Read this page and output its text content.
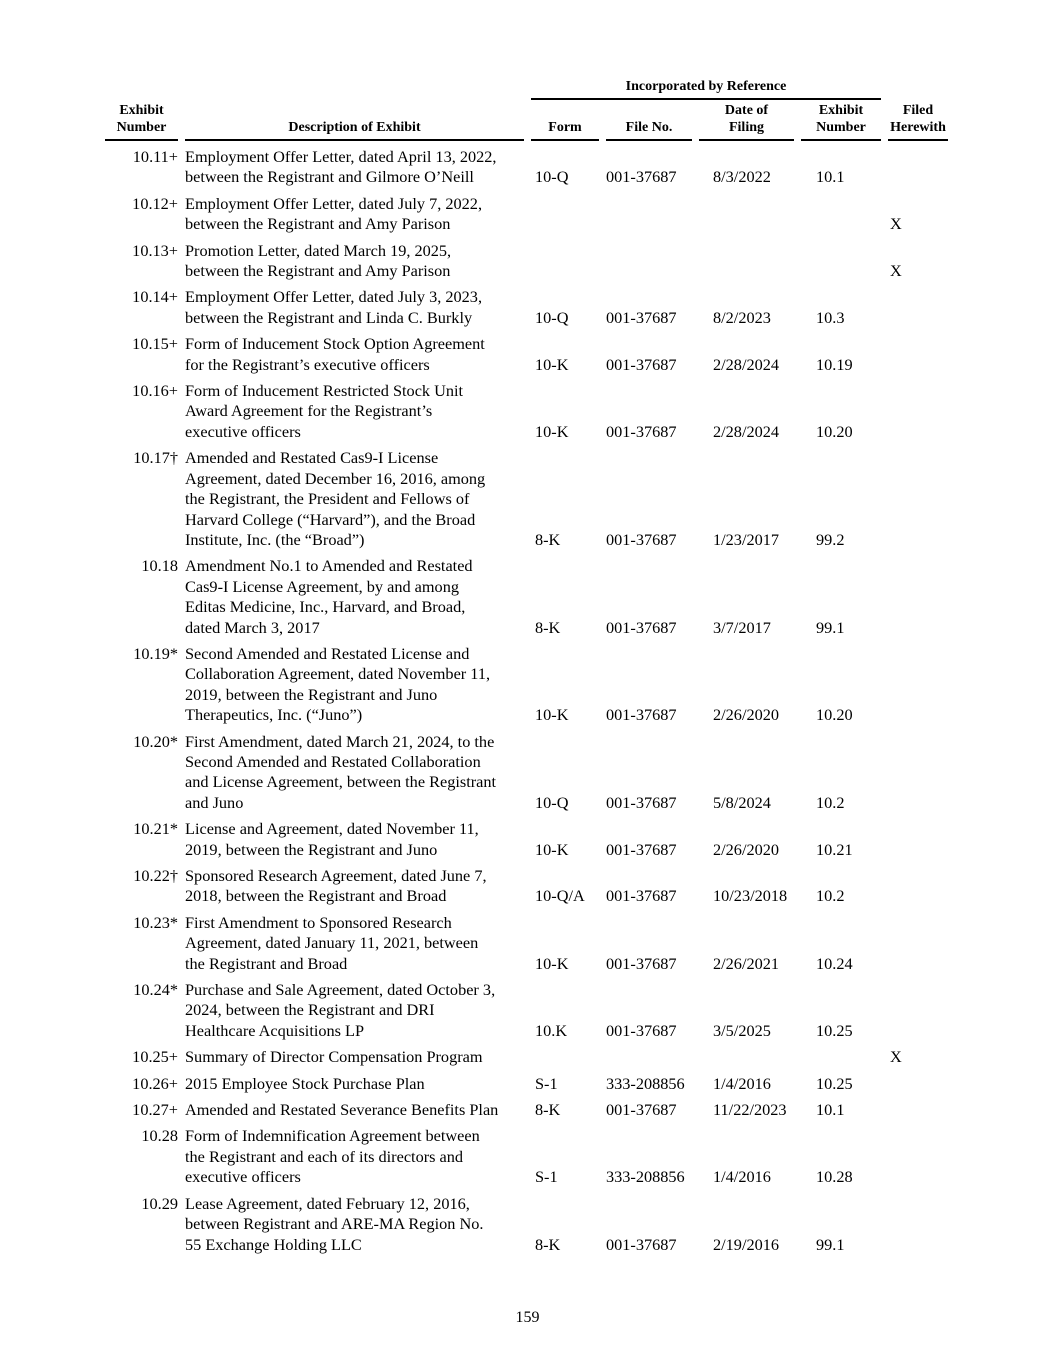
		Incorporated by Reference				
Exhibit
Number	Description of Exhibit	Form	File No.	Date of
Filing	Exhibit
Number	Filed
Herewith
10.11+	Employment Offer Letter, dated April 13, 2022,
between the Registrant and Gilmore O’Neill	10-Q	001-37687	8/3/2022	10.1	
10.12+	Employment Offer Letter, dated July 7, 2022,
between the Registrant and Amy Parison					X
10.13+	Promotion Letter, dated March 19, 2025,
between the Registrant and Amy Parison					X
10.14+	Employment Offer Letter, dated July 3, 2023,
between the Registrant and Linda C. Burkly	10-Q	001-37687	8/2/2023	10.3	
10.15+	Form of Inducement Stock Option Agreement
for the Registrant’s executive officers	10-K	001-37687	2/28/2024	10.19	
10.16+	Form of Inducement Restricted Stock Unit
Award Agreement for the Registrant’s
executive officers	10-K	001-37687	2/28/2024	10.20	
10.17†	Amended and Restated Cas9-I License
Agreement, dated December 16, 2016, among
the Registrant, the President and Fellows of
Harvard College (“Harvard”), and the Broad
Institute, Inc. (the “Broad”)	8-K	001-37687	1/23/2017	99.2	
10.18	Amendment No.1 to Amended and Restated
Cas9-I License Agreement, by and among
Editas Medicine, Inc., Harvard, and Broad,
dated March 3, 2017	8-K	001-37687	3/7/2017	99.1	
10.19*	Second Amended and Restated License and
Collaboration Agreement, dated November 11,
2019, between the Registrant and Juno
Therapeutics, Inc. (“Juno”)	10-K	001-37687	2/26/2020	10.20	
10.20*	First Amendment, dated March 21, 2024, to the
Second Amended and Restated Collaboration
and License Agreement, between the Registrant
and Juno	10-Q	001-37687	5/8/2024	10.2	
10.21*	License and Agreement, dated November 11,
2019, between the Registrant and Juno	10-K	001-37687	2/26/2020	10.21	
10.22†	Sponsored Research Agreement, dated June 7,
2018, between the Registrant and Broad	10-Q/A	001-37687	10/23/2018	10.2	
10.23*	First Amendment to Sponsored Research
Agreement, dated January 11, 2021, between
the Registrant and Broad	10-K	001-37687	2/26/2021	10.24	
10.24*	Purchase and Sale Agreement, dated October 3,
2024, between the Registrant and DRI
Healthcare Acquisitions LP	10.K	001-37687	3/5/2025	10.25	
10.25+	Summary of Director Compensation Program					X
10.26+	2015 Employee Stock Purchase Plan	S-1	333-208856	1/4/2016	10.25	
10.27+	Amended and Restated Severance Benefits Plan	8-K	001-37687	11/22/2023	10.1	
10.28	Form of Indemnification Agreement between
the Registrant and each of its directors and
executive officers	S-1	333-208856	1/4/2016	10.28	
10.29	Lease Agreement, dated February 12, 2016,
between Registrant and ARE-MA Region No.
55 Exchange Holding LLC	8-K	001-37687	2/19/2016	99.1	
159
